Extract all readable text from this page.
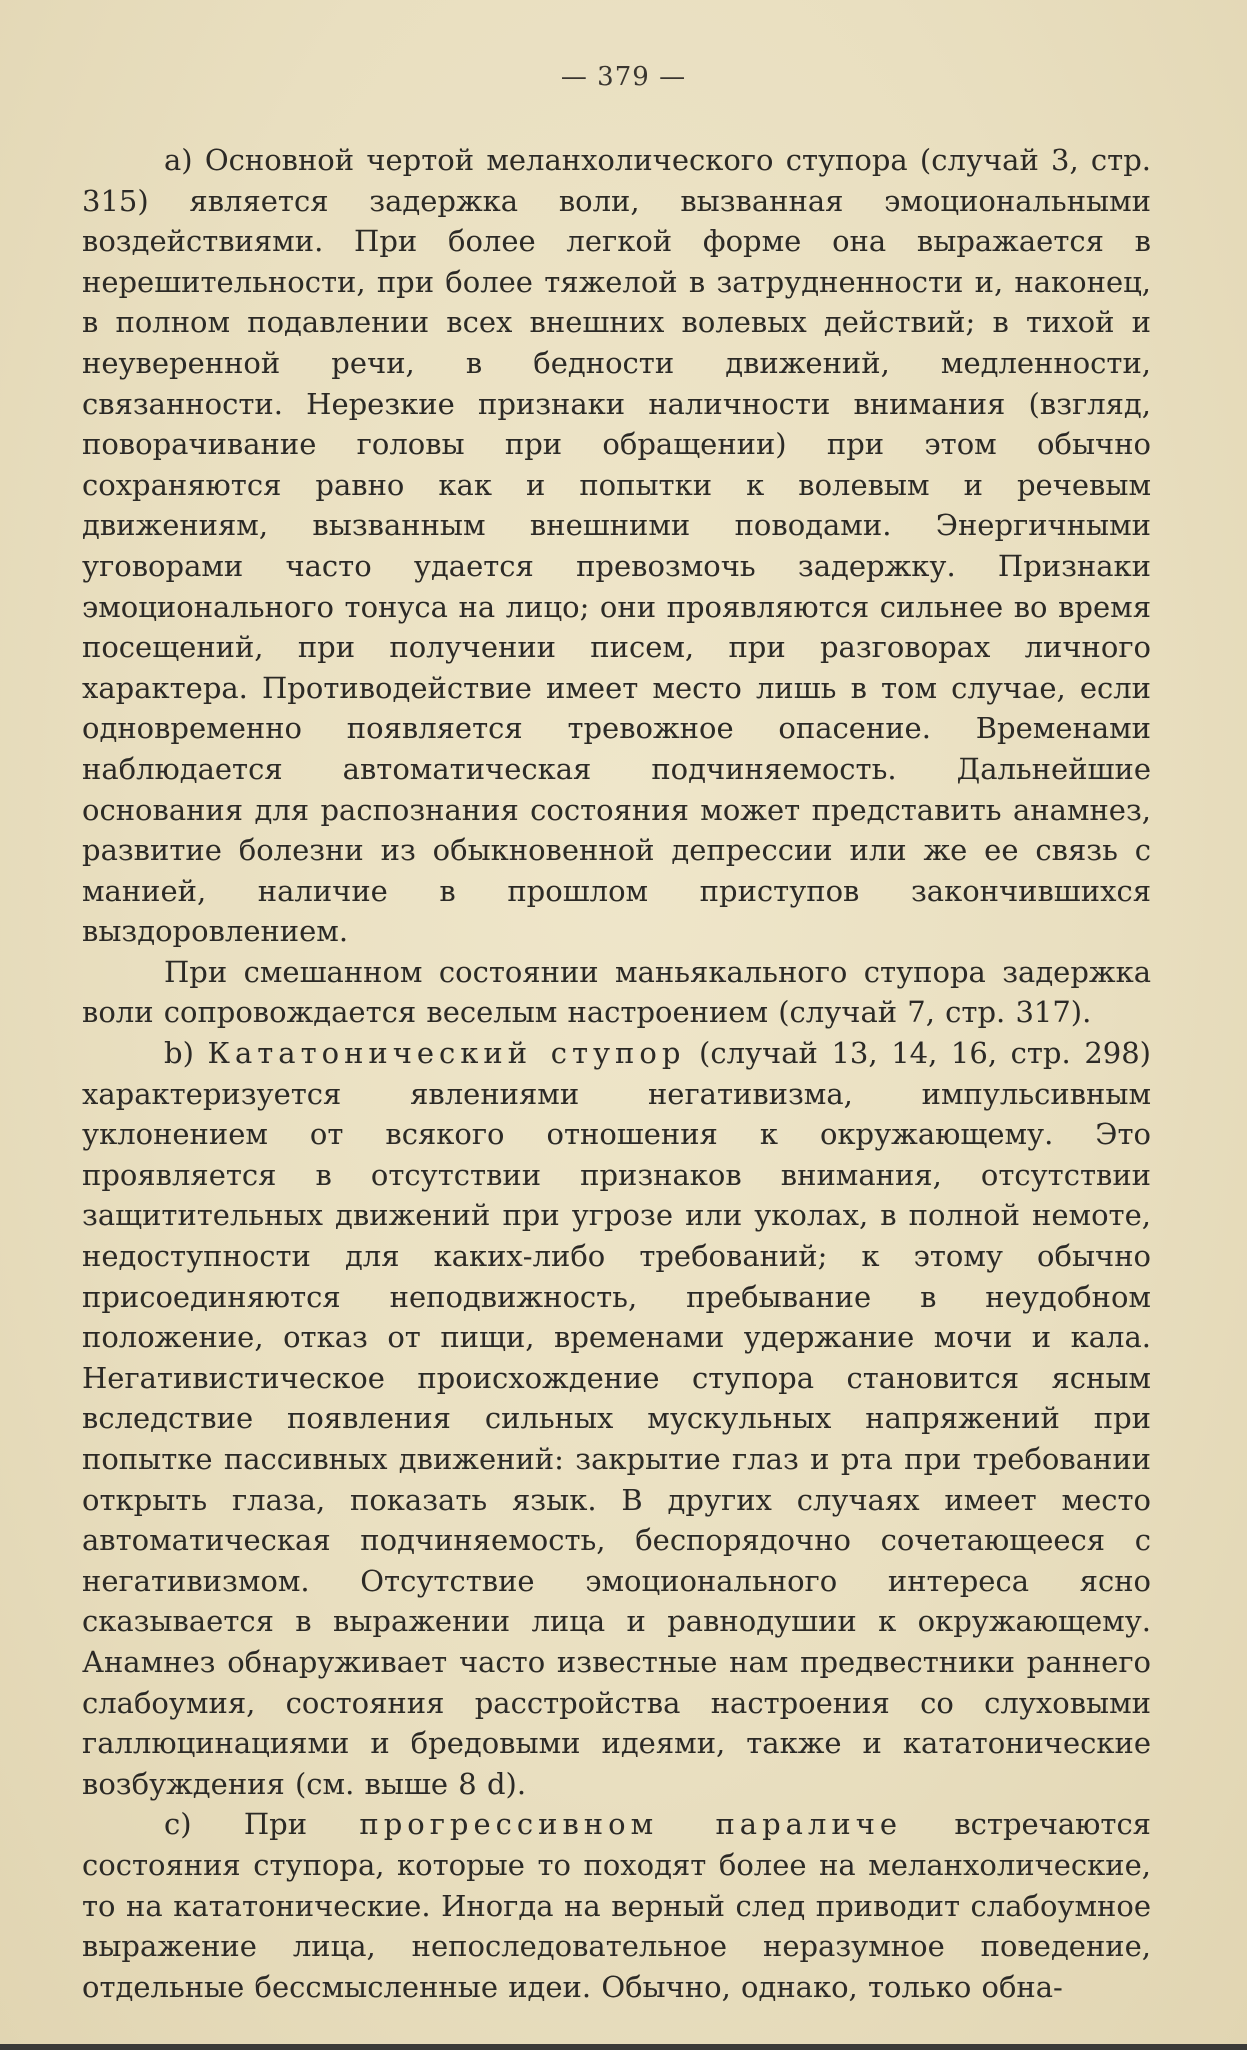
— 379 —

а) Основной чертой меланхолического ступора (случай 3, стр. 315) является задержка воли, вызванная эмоциональными воздействиями. При более легкой форме она выражается в нерешительности, при более тяжелой в затрудненности и, наконец, в полном подавлении всех внешних волевых действий; в тихой и неуверенной речи, в бедности движений, медленности, связанности. Нерезкие признаки наличности внимания (взгляд, поворачивание головы при обращении) при этом обычно сохраняются равно как и попытки к волевым и речевым движениям, вызванным внешними поводами. Энергичными уговорами часто удается превозмочь задержку. Признаки эмоционального тонуса на лицо; они проявляются сильнее во время посещений, при получении писем, при разговорах личного характера. Противодействие имеет место лишь в том случае, если одновременно появляется тревожное опасение. Временами наблюдается автоматическая подчиняемость. Дальнейшие основания для распознания состояния может представить анамнез, развитие болезни из обыкновенной депрессии или же ее связь с манией, наличие в прошлом приступов закончившихся выздоровлением.

При смешанном состоянии маньякального ступора задержка воли сопровождается веселым настроением (случай 7, стр. 317).

b) Кататонический ступор (случай 13, 14, 16, стр. 298) характеризуется явлениями негативизма, импульсивным уклонением от всякого отношения к окружающему. Это проявляется в отсутствии признаков внимания, отсутствии защитительных движений при угрозе или уколах, в полной немоте, недоступности для каких-либо требований; к этому обычно присоединяются неподвижность, пребывание в неудобном положение, отказ от пищи, временами удержание мочи и кала. Негативистическое происхождение ступора становится ясным вследствие появления сильных мускульных напряжений при попытке пассивных движений: закрытие глаз и рта при требовании открыть глаза, показать язык. В других случаях имеет место автоматическая подчиняемость, беспорядочно сочетающееся с негативизмом. Отсутствие эмоционального интереса ясно сказывается в выражении лица и равнодушии к окружающему. Анамнез обнаруживает часто известные нам предвестники раннего слабоумия, состояния расстройства настроения со слуховыми галлюцинациями и бредовыми идеями, также и кататонические возбуждения (см. выше 8 d).

с) При прогрессивном параличе встречаются состояния ступора, которые то походят более на меланхолические, то на кататонические. Иногда на верный след приводит слабоумное выражение лица, непоследовательное неразумное поведение, отдельные бессмысленные идеи. Обычно, однако, только обна-
